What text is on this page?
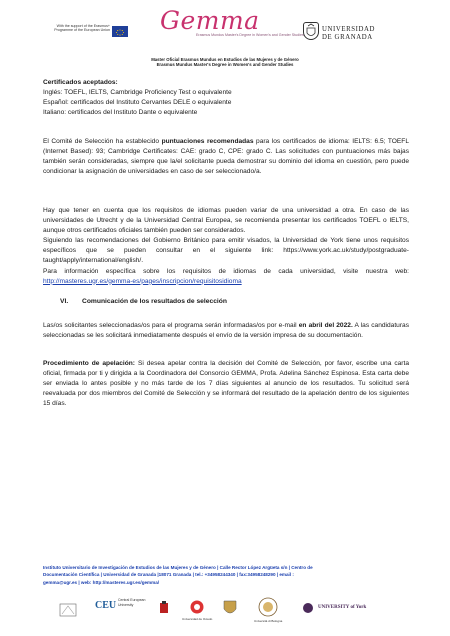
With the support of the Erasmus+ Programme of the European Union Gemma
Erasmus Mundus Master's Degree in Women's and Gender Studies
UNIVERSIDAD
DE GRANADA
Master Oficial Erasmus Mundus en Estudios de las Mujeres y de Género
Erasmus Mundus Master's Degree in Women's and Gender Studies
Certificados aceptados:
Inglés: TOEFL, IELTS, Cambridge Proficiency Test o equivalente
Español: certificados del Instituto Cervantes DELE o equivalente
Italiano: certificados del Instituto Dante o equivalente
El Comité de Selección ha establecido puntuaciones recomendadas para los certificados de idioma: IELTS: 6.5; TOEFL (Internet Based): 93; Cambridge Certificates: CAE: grado C, CPE: grado C. Las solicitudes con puntuaciones más bajas también serán consideradas, siempre que la/el solicitante pueda demostrar su dominio del idioma en cuestión, pero puede condicionar la asignación de universidades en caso de ser seleccionado/a.
Hay que tener en cuenta que los requisitos de idiomas pueden variar de una universidad a otra. En caso de las universidades de Utrecht y de la Universidad Central Europea, se recomienda presentar los certificados TOEFL o IELTS, aunque otros certificados oficiales también pueden ser considerados.
Siguiendo las recomendaciones del Gobierno Británico para emitir visados, la Universidad de York tiene unos requisitos específicos que se pueden consultar en el siguiente link: https://www.york.ac.uk/study/postgraduate-taught/apply/international/english/.
Para información específica sobre los requisitos de idiomas de cada universidad, visite nuestra web: http://masteres.ugr.es/gemma-es/pages/inscripcion/requisitosidioma
VI. Comunicación de los resultados de selección
Las/os solicitantes seleccionadas/os para el programa serán informadas/os por e-mail en abril del 2022. A las candidaturas seleccionadas se les solicitará inmediatamente después el envío de la versión impresa de su documentación.
Procedimiento de apelación: Si desea apelar contra la decisión del Comité de Selección, por favor, escribe una carta oficial, firmada por ti y dirigida a la Coordinadora del Consorcio GEMMA, Profa. Adelina Sánchez Espinosa. Esta carta debe ser enviada lo antes posible y no más tarde de los 7 días siguientes al anuncio de los resultados. Tu solicitud será reevaluada por dos miembros del Comité de Selección y se informará del resultado de la apelación dentro de los siguientes 15 días.
Instituto Universitario de Investigación de Estudios de las Mujeres y de Género | Calle Rector López Argüeta s/n | Centro de
Documentación Científica | Universidad de Granada |18071 Granada | tel.: +34958244340 | fax:34958248290 | email :
gemma@ugr.es | web: http://masteres.ugr.es/gemma/
CEU Central European University
Universidad de Oviedo	Università di Bologna
UNIVERSITY of York
